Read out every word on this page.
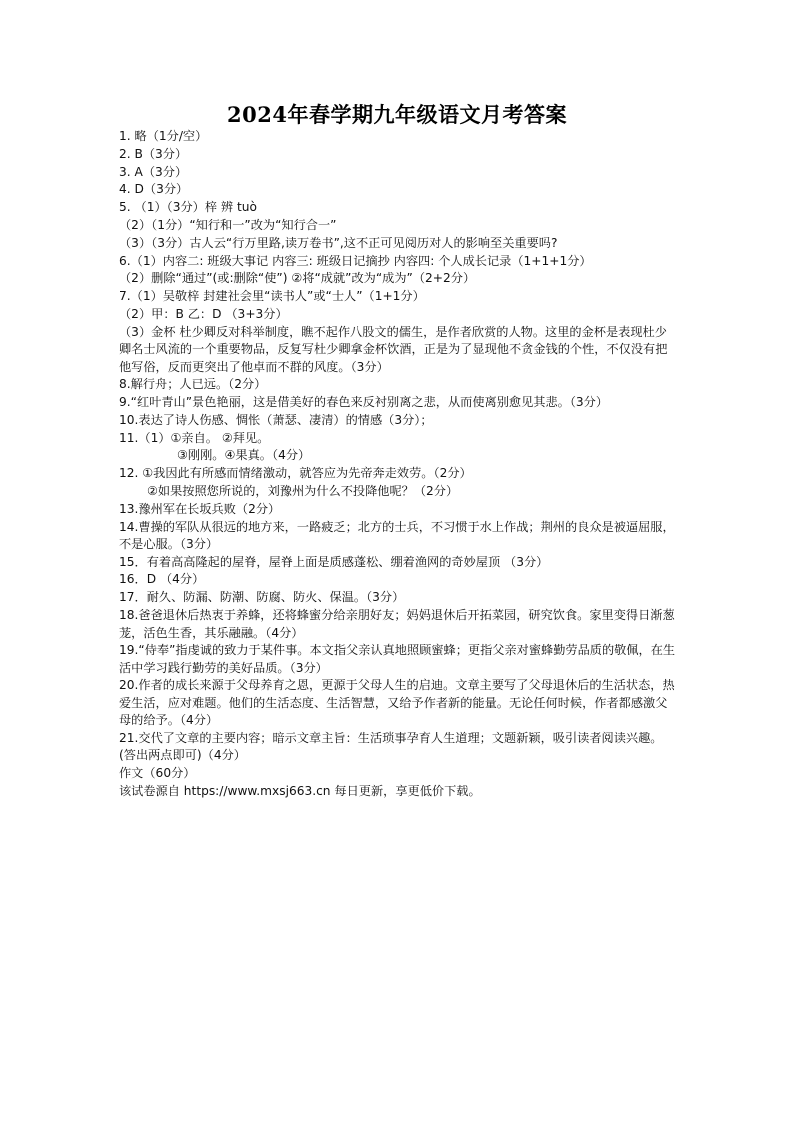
2024年春学期九年级语文月考答案
1. 略（1分/空）
2. B（3分）
3. A（3分）
4. D（3分）
5. （1）（3分）梓 辨 tuò
（2）（1分）“知行和一”改为“知行合一”
（3）（3分）古人云“行万里路,读万卷书”,这不正可见阅历对人的影响至关重要吗?
6.（1）内容二: 班级大事记 内容三: 班级日记摘抄 内容四: 个人成长记录（1+1+1分）
（2）删除“通过”(或:删除“使”) ②将“成就”改为“成为”（2+2分）
7.（1）吴敬梓 封建社会里“读书人”或“士人”（1+1分）
（2）甲：B 乙：D （3+3分）
（3）金杯 杜少卿反对科举制度，瞧不起作八股文的儒生，是作者欣赏的人物。这里的金杯是表现杜少卿名士风流的一个重要物品，反复写杜少卿拿金杯饮酒，正是为了显现他不贪金钱的个性，不仅没有把他写俗，反而更突出了他卓而不群的风度。（3分）
8.解行舟；人已远。（2分）
9.“红叶青山”景色艳丽，这是借美好的春色来反衬别离之悲，从而使离别愈见其悲。（3分）
10.表达了诗人伤感、惆怅（萧瑟、凄清）的情感（3分）；
11.（1）①亲自。 ②拜见。
③刚刚。④果真。（4分）
12. ①我因此有所感而情绪激动，就答应为先帝奔走效劳。（2分）
②如果按照您所说的，刘豫州为什么不投降他呢？（2分）
13.豫州军在长坂兵败（2分）
14.曹操的军队从很远的地方来，一路疲乏；北方的士兵，不习惯于水上作战；荆州的良众是被逼屈服，不是心服。（3分）
15．有着高高隆起的屋脊，屋脊上面是质感蓬松、绷着渔网的奇妙屋顶 （3分）
16．D （4分）
17．耐久、防漏、防潮、防腐、防火、保温。（3分）
18.爸爸退休后热衷于养蜂，还将蜂蜜分给亲朋好友；妈妈退休后开拓菜园，研究饮食。家里变得日渐葱茏，活色生香，其乐融融。（4分）
19.“侍奉”指虔诚的致力于某件事。本文指父亲认真地照顾蜜蜂；更指父亲对蜜蜂勤劳品质的敬佩，在生活中学习践行勤劳的美好品质。（3分）
20.作者的成长来源于父母养育之恩，更源于父母人生的启迪。文章主要写了父母退休后的生活状态，热爱生活，应对难题。他们的生活态度、生活智慧，又给予作者新的能量。无论任何时候，作者都感激父母的给予。（4分）
21.交代了文章的主要内容；暗示文章主旨：生活琐事孕育人生道理；文题新颖，吸引读者阅读兴趣。(答出两点即可)（4分）
作文（60分）
该试卷源自 https://www.mxsj663.cn 每日更新，享更低价下载。
